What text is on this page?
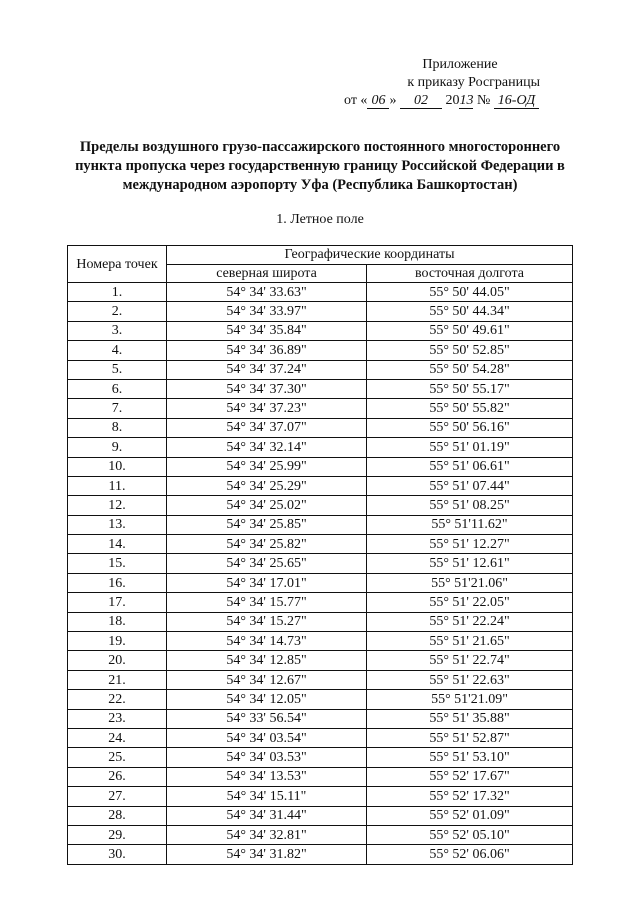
Приложение
к приказу Росграницы
от « 06 » 02 2013 № 16-ОД
Пределы воздушного грузо-пассажирского постоянного многостороннего пункта пропуска через государственную границу Российской Федерации в международном аэропорту Уфа (Республика Башкортостан)
1. Летное поле
Номера точек	Географические координаты	
	северная широта	восточная долгота
1.	54° 34' 33.63"	55° 50' 44.05"
2.	54° 34' 33.97"	55° 50' 44.34"
3.	54° 34' 35.84"	55° 50' 49.61"
4.	54° 34' 36.89"	55° 50' 52.85"
5.	54° 34' 37.24"	55° 50' 54.28"
6.	54° 34' 37.30"	55° 50' 55.17"
7.	54° 34' 37.23"	55° 50' 55.82"
8.	54° 34' 37.07"	55° 50' 56.16"
9.	54° 34' 32.14"	55° 51' 01.19"
10.	54° 34' 25.99"	55° 51' 06.61"
11.	54° 34' 25.29"	55° 51' 07.44"
12.	54° 34' 25.02"	55° 51' 08.25"
13.	54° 34' 25.85"	55° 51'11.62"
14.	54° 34' 25.82"	55° 51' 12.27"
15.	54° 34' 25.65"	55° 51' 12.61"
16.	54° 34' 17.01"	55° 51'21.06"
17.	54° 34' 15.77"	55° 51' 22.05"
18.	54° 34' 15.27"	55° 51' 22.24"
19.	54° 34' 14.73"	55° 51' 21.65"
20.	54° 34' 12.85"	55° 51' 22.74"
21.	54° 34' 12.67"	55° 51' 22.63"
22.	54° 34' 12.05"	55° 51'21.09"
23.	54° 33' 56.54"	55° 51' 35.88"
24.	54° 34' 03.54"	55° 51' 52.87"
25.	54° 34' 03.53"	55° 51' 53.10"
26.	54° 34' 13.53"	55° 52' 17.67"
27.	54° 34' 15.11"	55° 52' 17.32"
28.	54° 34' 31.44"	55° 52' 01.09"
29.	54° 34' 32.81"	55° 52' 05.10"
30.	54° 34' 31.82"	55° 52' 06.06"
